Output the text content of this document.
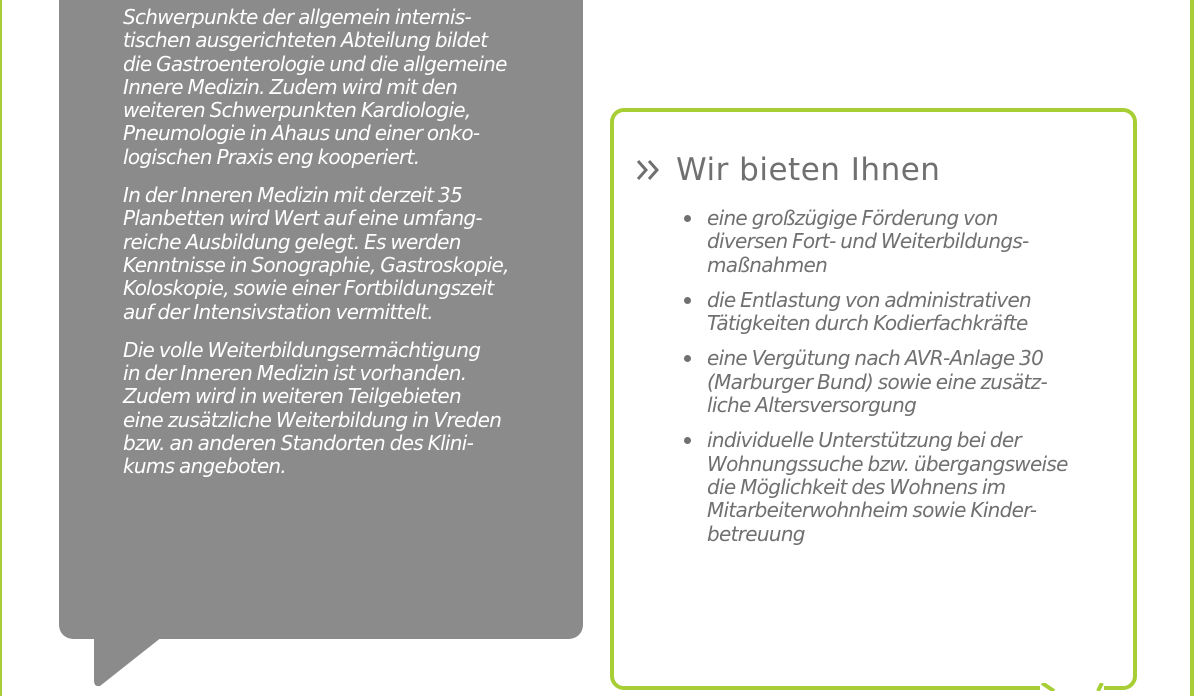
Schwerpunkte der allgemein internis-
tischen ausgerichteten Abteilung bildet
die Gastroenterologie und die allgemeine
Innere Medizin. Zudem wird mit den
weiteren Schwerpunkten Kardiologie,
Pneumologie in Ahaus und einer onko-
logischen Praxis eng kooperiert.

In der Inneren Medizin mit derzeit 35
Planbetten wird Wert auf eine umfang-
reiche Ausbildung gelegt. Es werden
Kenntnisse in Sonographie, Gastroskopie,
Koloskopie, sowie einer Fortbildungszeit
auf der Intensivstation vermittelt.

Die volle Weiterbildungsermächtigung
in der Inneren Medizin ist vorhanden.
Zudem wird in weiteren Teilgebieten
eine zusätzliche Weiterbildung in Vreden
bzw. an anderen Standorten des Klini-
kums angeboten.

Wir bieten Ihnen
eine großzügige Förderung von
diversen Fort- und Weiterbildungs-
maßnahmen
die Entlastung von administrativen
Tätigkeiten durch Kodierfachkräfte
eine Vergütung nach AVR-Anlage 30
(Marburger Bund) sowie eine zusätz-
liche Altersversorgung
individuelle Unterstützung bei der
Wohnungssuche bzw. übergangsweise
die Möglichkeit des Wohnens im
Mitarbeiterwohnheim sowie Kinder-
betreuung
